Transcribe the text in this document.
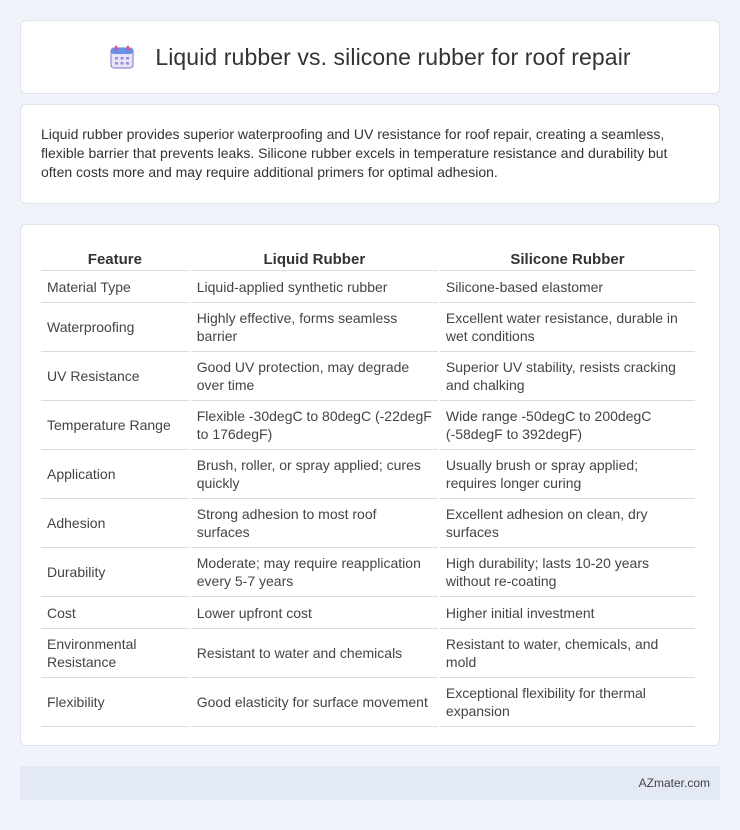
Liquid rubber vs. silicone rubber for roof repair

Liquid rubber provides superior waterproofing and UV resistance for roof repair, creating a seamless, flexible barrier that prevents leaks. Silicone rubber excels in temperature resistance and durability but often costs more and may require additional primers for optimal adhesion.

Feature	Liquid Rubber	Silicone Rubber
Material Type	Liquid-applied synthetic rubber	Silicone-based elastomer
Waterproofing	Highly effective, forms seamless barrier	Excellent water resistance, durable in wet conditions
UV Resistance	Good UV protection, may degrade over time	Superior UV stability, resists cracking and chalking
Temperature Range	Flexible -30degC to 80degC (-22degF to 176degF)	Wide range -50degC to 200degC (-58degF to 392degF)
Application	Brush, roller, or spray applied; cures quickly	Usually brush or spray applied; requires longer curing
Adhesion	Strong adhesion to most roof surfaces	Excellent adhesion on clean, dry surfaces
Durability	Moderate; may require reapplication every 5-7 years	High durability; lasts 10-20 years without re-coating
Cost	Lower upfront cost	Higher initial investment
Environmental Resistance	Resistant to water and chemicals	Resistant to water, chemicals, and mold
Flexibility	Good elasticity for surface movement	Exceptional flexibility for thermal expansion
AZmater.com
